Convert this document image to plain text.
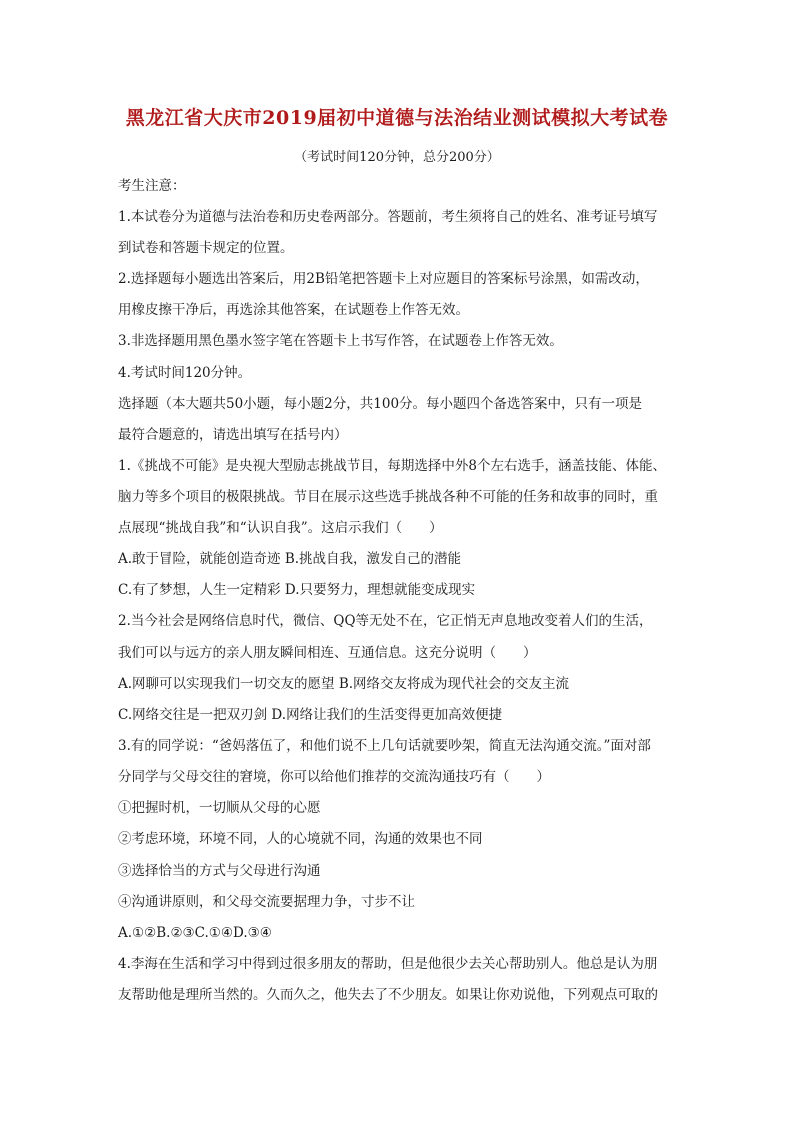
黑龙江省大庆市2019届初中道德与法治结业测试模拟大考试卷
（考试时间120分钟，总分200分）
考生注意：
1.本试卷分为道德与法治卷和历史卷两部分。答题前，考生须将自己的姓名、准考证号填写
到试卷和答题卡规定的位置。
2.选择题每小题选出答案后，用2B铅笔把答题卡上对应题目的答案标号涂黑，如需改动，
用橡皮擦干净后，再选涂其他答案，在试题卷上作答无效。
3.非选择题用黑色墨水签字笔在答题卡上书写作答，在试题卷上作答无效。
4.考试时间120分钟。
选择题（本大题共50小题，每小题2分，共100分。每小题四个备选答案中，只有一项是
最符合题意的，请选出填写在括号内）
1.《挑战不可能》是央视大型励志挑战节目，每期选择中外8个左右选手，涵盖技能、体能、
脑力等多个项目的极限挑战。节目在展示这些选手挑战各种不可能的任务和故事的同时，重
点展现“挑战自我”和“认识自我”。这启示我们（　　）
A.敢于冒险，就能创造奇迹 B.挑战自我，激发自己的潜能
C.有了梦想，人生一定精彩 D.只要努力，理想就能变成现实
2.当今社会是网络信息时代，微信、QQ等无处不在，它正悄无声息地改变着人们的生活，
我们可以与远方的亲人朋友瞬间相连、互通信息。这充分说明（　　）
A.网聊可以实现我们一切交友的愿望 B.网络交友将成为现代社会的交友主流
C.网络交往是一把双刃剑 D.网络让我们的生活变得更加高效便捷
3.有的同学说：“爸妈落伍了，和他们说不上几句话就要吵架，简直无法沟通交流。”面对部
分同学与父母交往的窘境，你可以给他们推荐的交流沟通技巧有（　　）
①把握时机，一切顺从父母的心愿
②考虑环境，环境不同，人的心境就不同，沟通的效果也不同
③选择恰当的方式与父母进行沟通
④沟通讲原则，和父母交流要据理力争，寸步不让
A.①②B.②③C.①④D.③④
4.李海在生活和学习中得到过很多朋友的帮助，但是他很少去关心帮助别人。他总是认为朋
友帮助他是理所当然的。久而久之，他失去了不少朋友。如果让你劝说他，下列观点可取的
